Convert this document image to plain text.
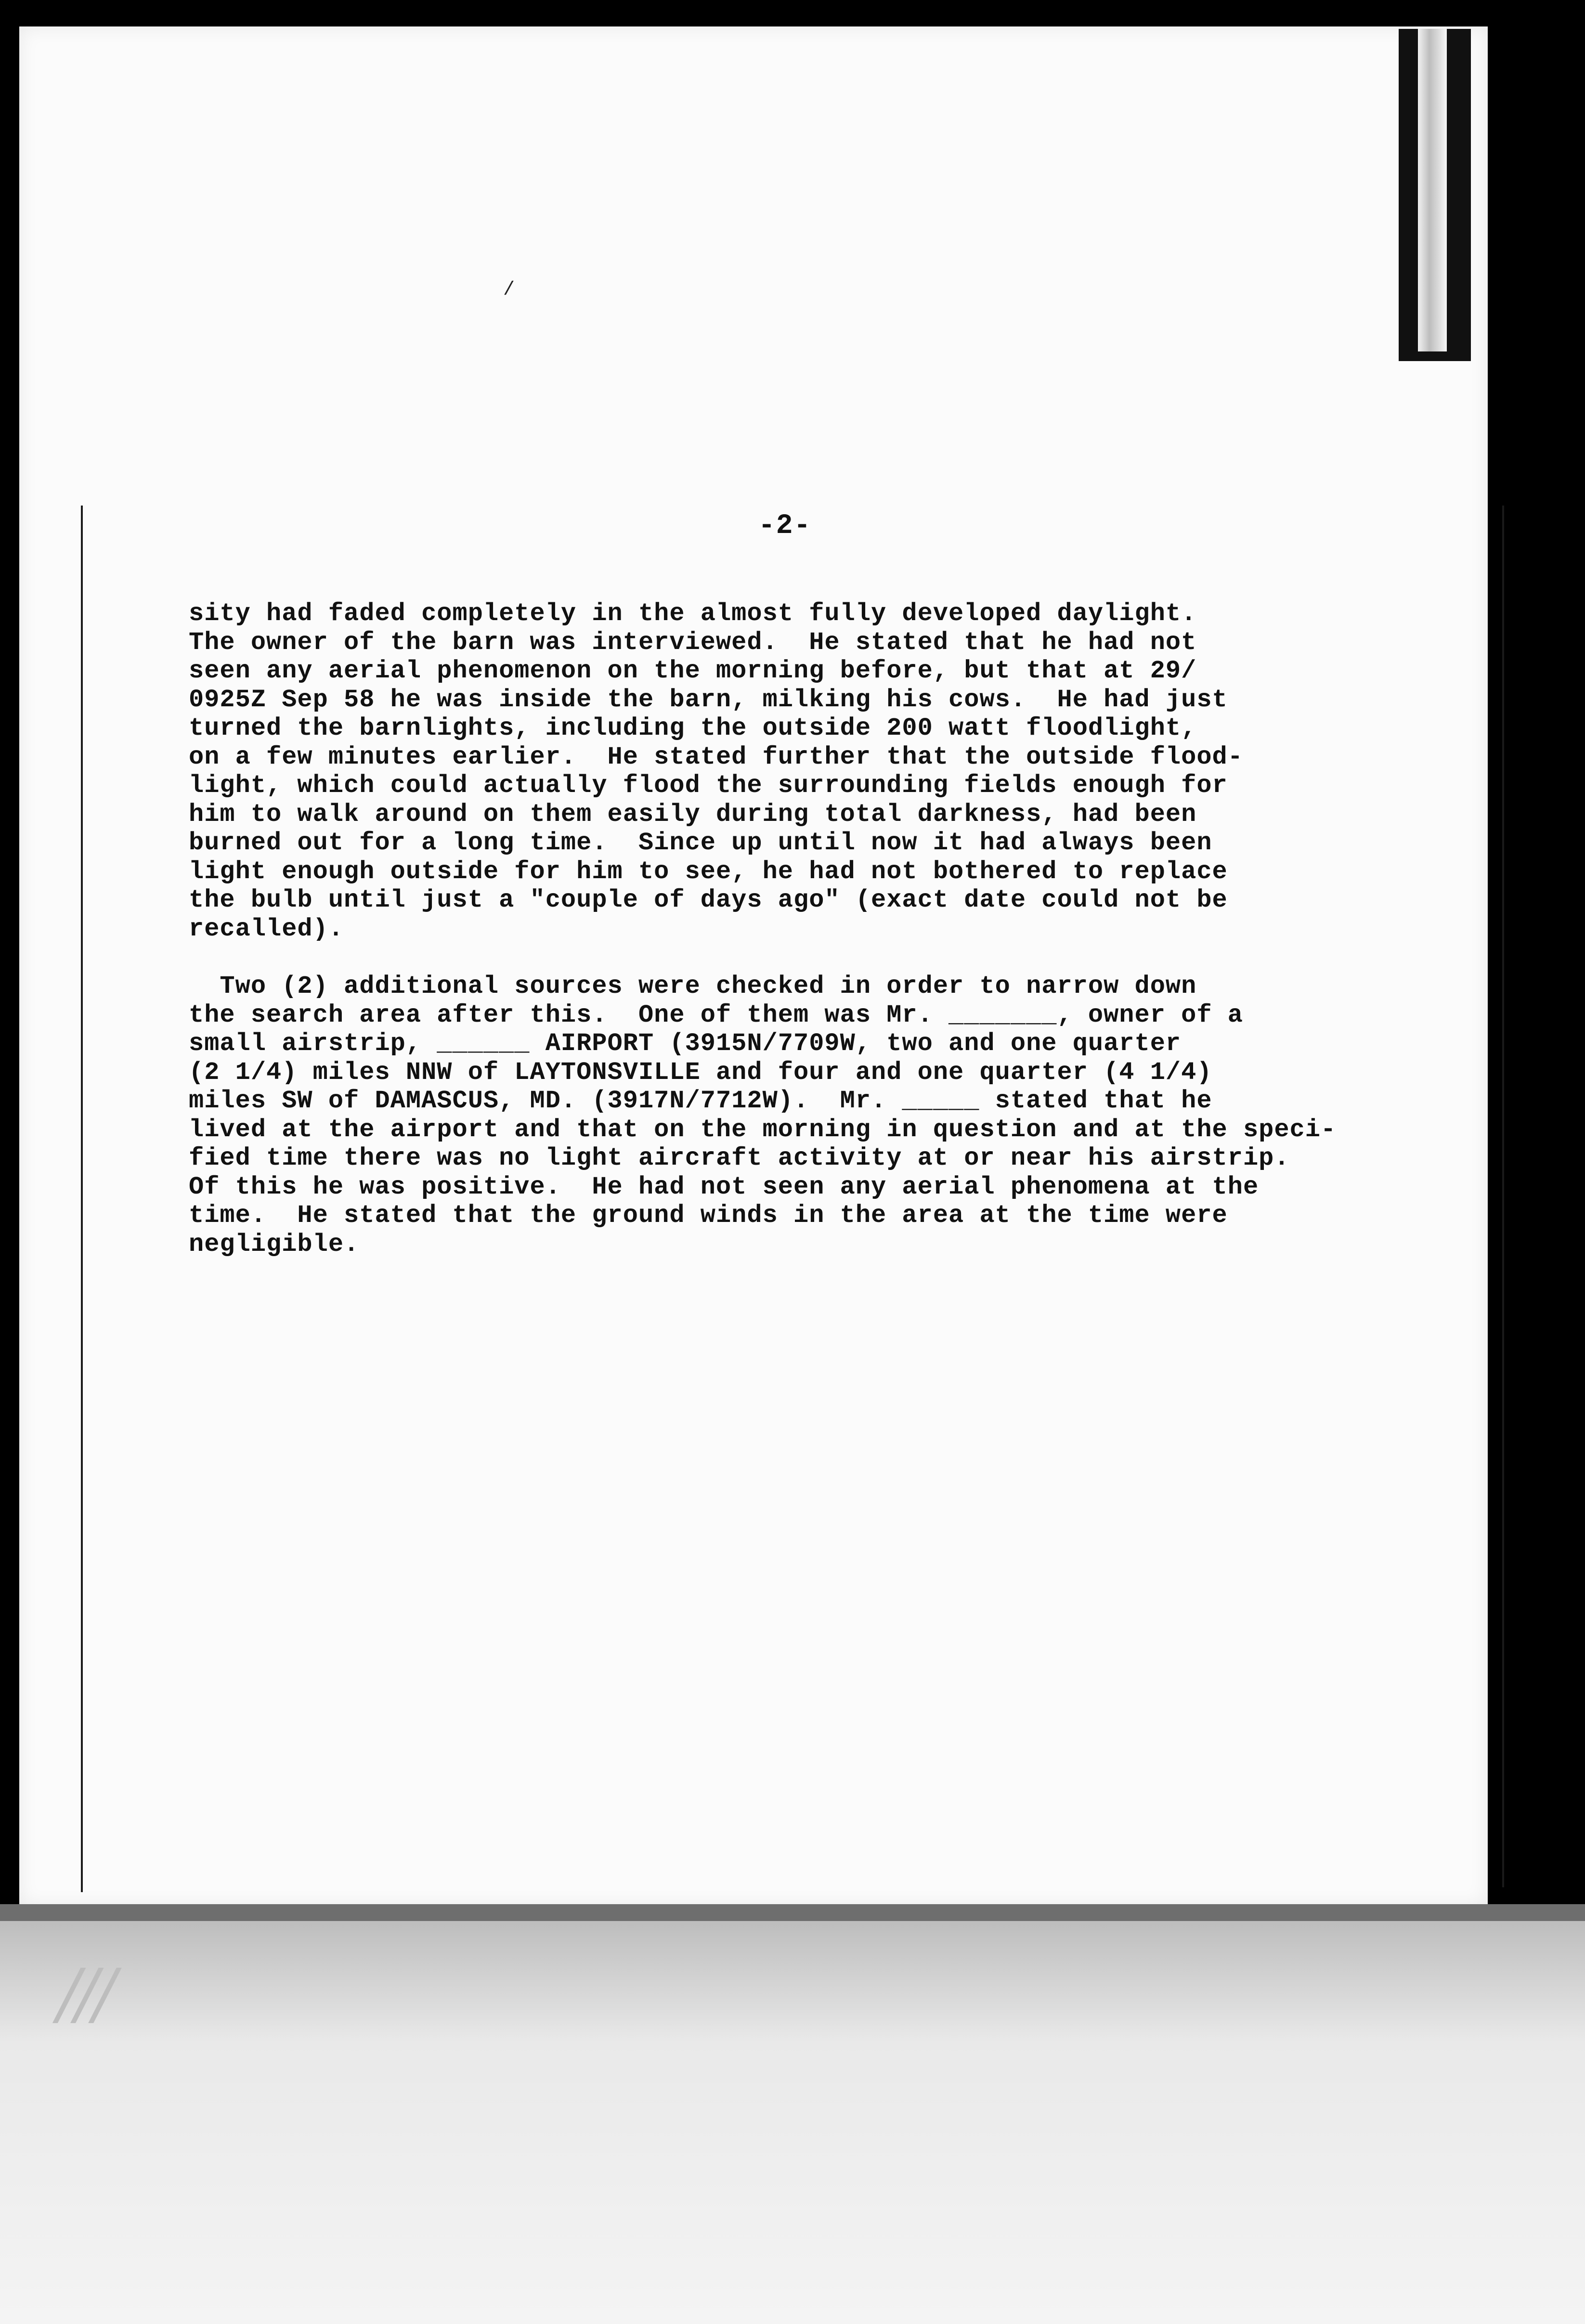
///
/
-2-

sity had faded completely in the almost fully developed daylight.
The owner of the barn was interviewed.  He stated that he had not
seen any aerial phenomenon on the morning before, but that at 29/
0925Z Sep 58 he was inside the barn, milking his cows.  He had just
turned the barnlights, including the outside 200 watt floodlight,
on a few minutes earlier.  He stated further that the outside flood-
light, which could actually flood the surrounding fields enough for
him to walk around on them easily during total darkness, had been
burned out for a long time.  Since up until now it had always been
light enough outside for him to see, he had not bothered to replace
the bulb until just a "couple of days ago" (exact date could not be
recalled).

Two (2) additional sources were checked in order to narrow down
the search area after this.  One of them was Mr. _______, owner of a
small airstrip, ______ AIRPORT (3915N/7709W, two and one quarter
(2 1/4) miles NNW of LAYTONSVILLE and four and one quarter (4 1/4)
miles SW of DAMASCUS, MD. (3917N/7712W).  Mr. _____ stated that he
lived at the airport and that on the morning in question and at the speci-
fied time there was no light aircraft activity at or near his airstrip.
Of this he was positive.  He had not seen any aerial phenomena at the
time.  He stated that the ground winds in the area at the time were
negligible.
